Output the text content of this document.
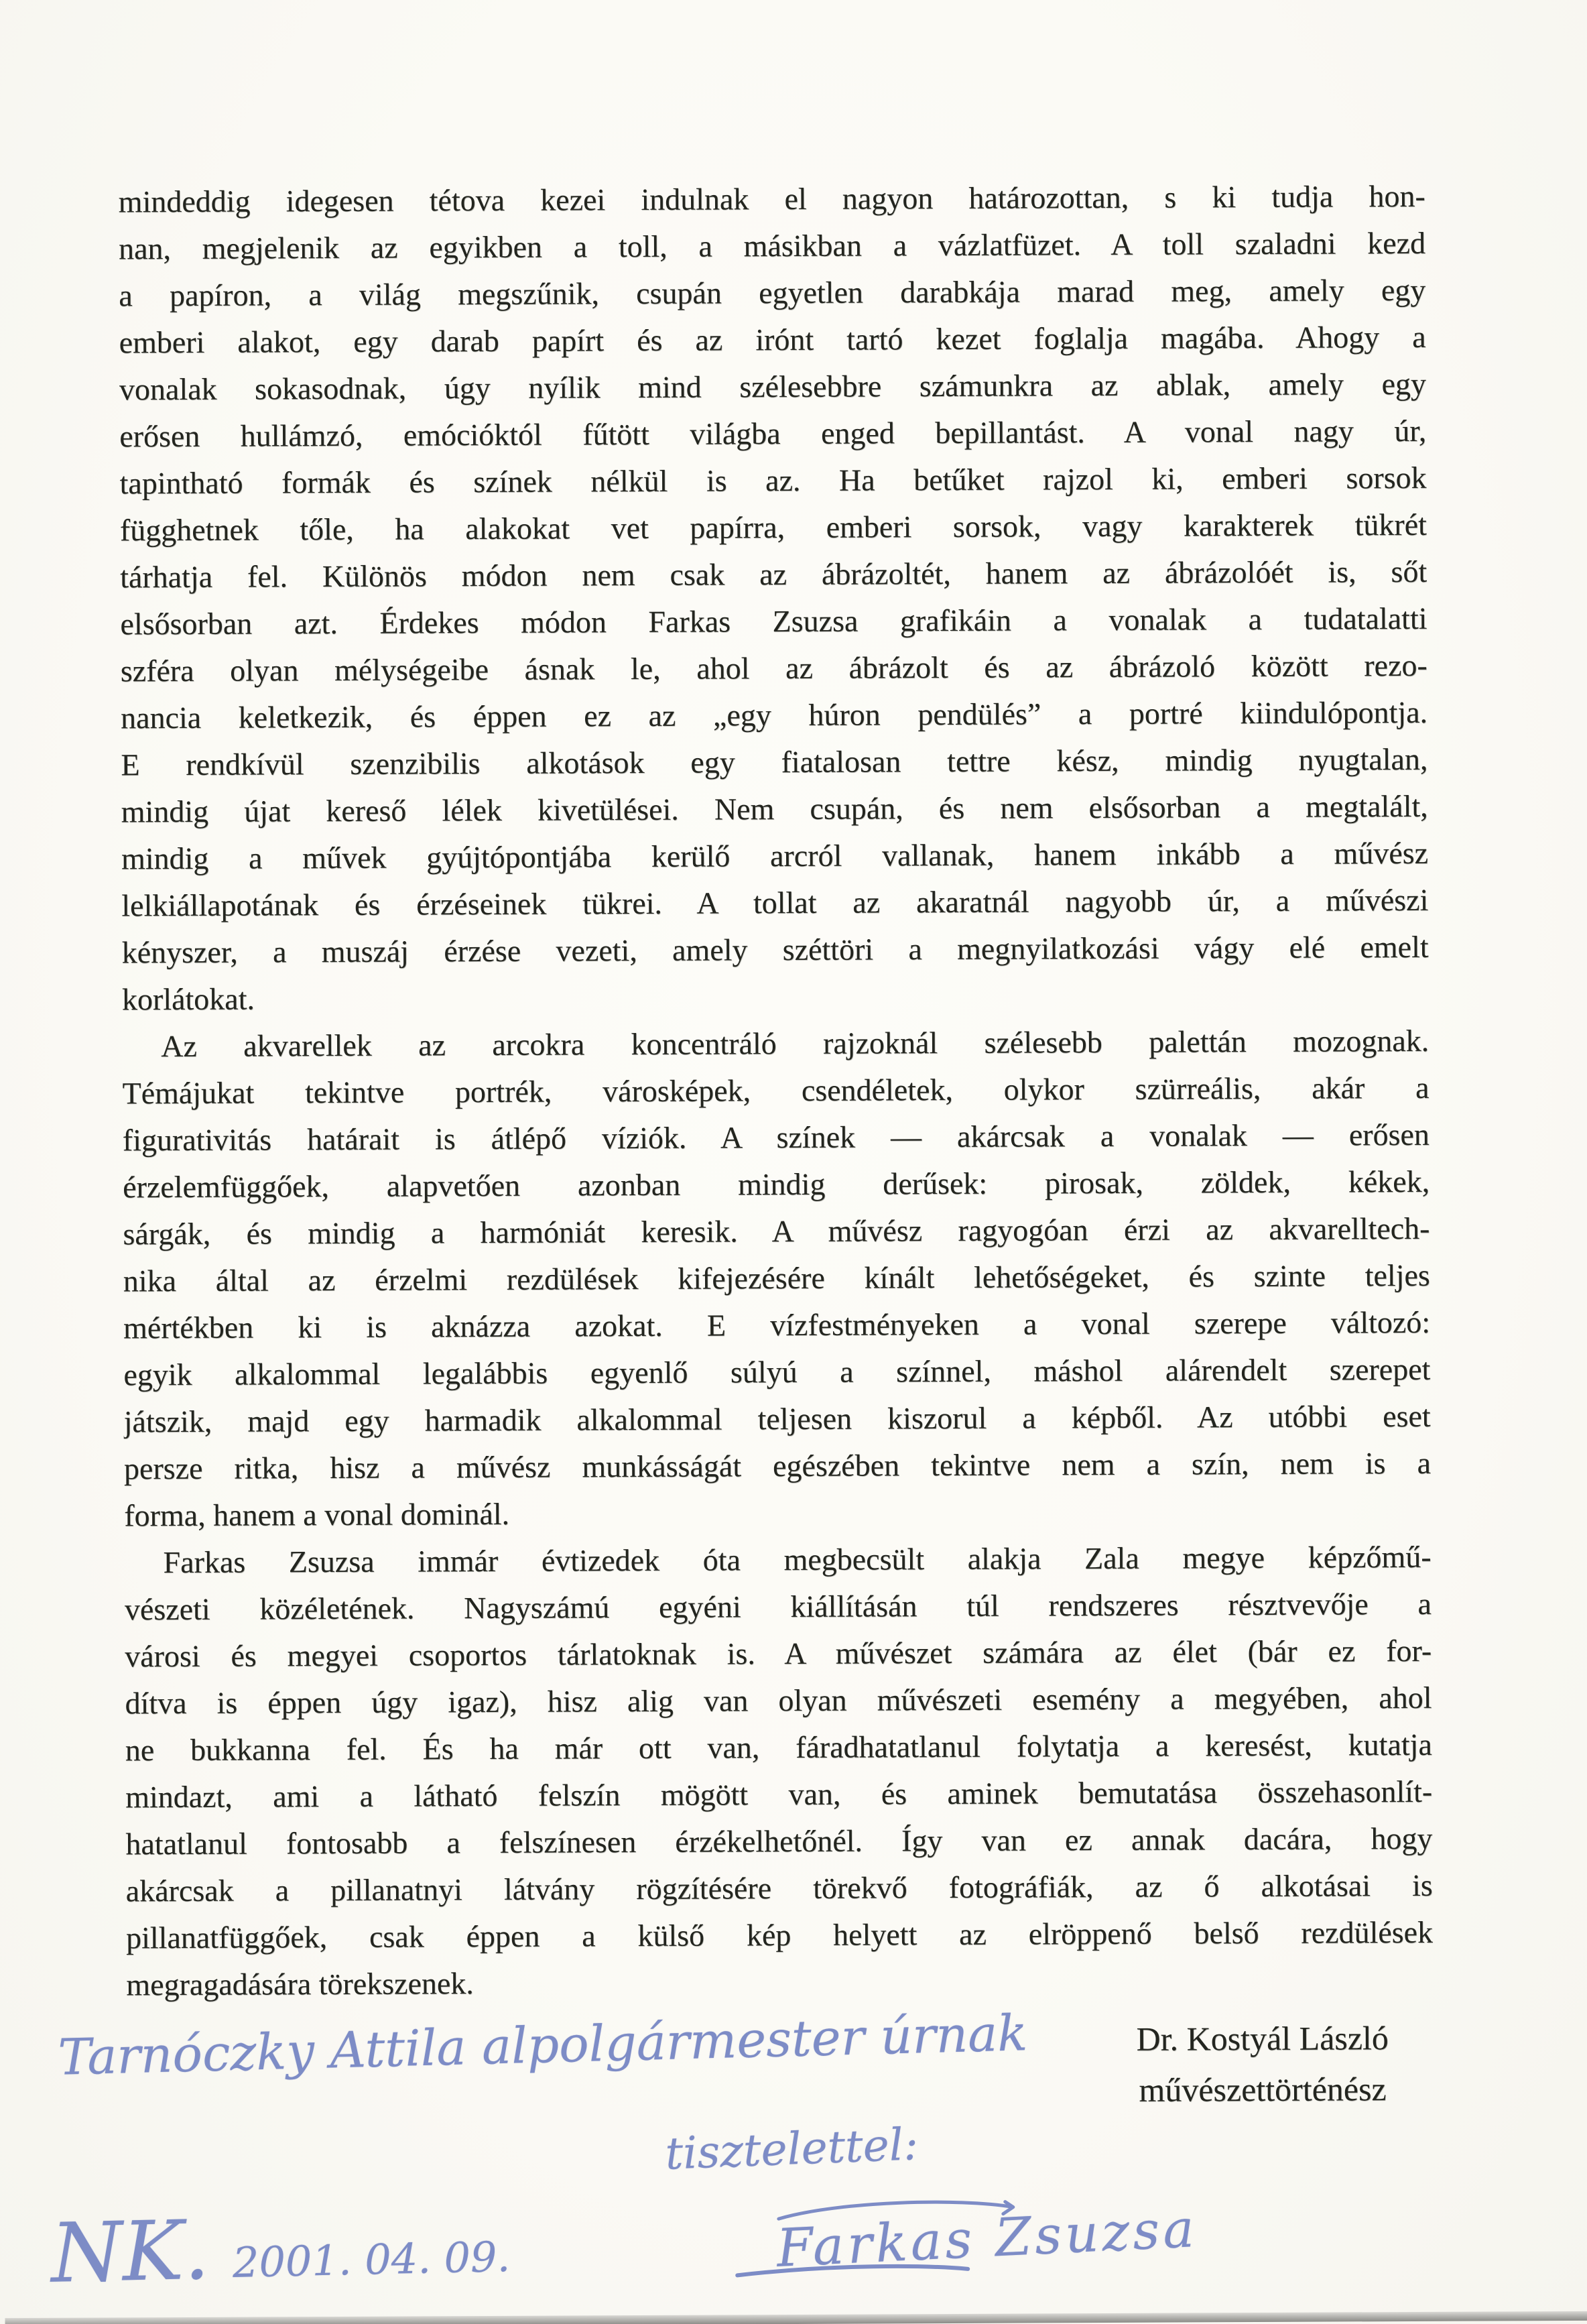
mindeddig idegesen tétova kezei indulnak el nagyon határozottan, s ki tudja hon-
nan, megjelenik az egyikben a toll, a másikban a vázlatfüzet. A toll szaladni kezd
a papíron, a világ megszűnik, csupán egyetlen darabkája marad meg, amely egy
emberi alakot, egy darab papírt és az irónt tartó kezet foglalja magába. Ahogy a
vonalak sokasodnak, úgy nyílik mind szélesebbre számunkra az ablak, amely egy
erősen hullámzó, emócióktól fűtött világba enged bepillantást. A vonal nagy úr,
tapintható formák és színek nélkül is az. Ha betűket rajzol ki, emberi sorsok
függhetnek tőle, ha alakokat vet papírra, emberi sorsok, vagy karakterek tükrét
tárhatja fel. Különös módon nem csak az ábrázoltét, hanem az ábrázolóét is, sőt
elsősorban azt. Érdekes módon Farkas Zsuzsa grafikáin a vonalak a tudatalatti
szféra olyan mélységeibe ásnak le, ahol az ábrázolt és az ábrázoló között rezo-
nancia keletkezik, és éppen ez az „egy húron pendülés” a portré kiindulópontja.
E rendkívül szenzibilis alkotások egy fiatalosan tettre kész, mindig nyugtalan,
mindig újat kereső lélek kivetülései. Nem csupán, és nem elsősorban a megtalált,
mindig a művek gyújtópontjába kerülő arcról vallanak, hanem inkább a művész
lelkiállapotának és érzéseinek tükrei. A tollat az akaratnál nagyobb úr, a művészi
kényszer, a muszáj érzése vezeti, amely széttöri a megnyilatkozási vágy elé emelt
korlátokat.
Az akvarellek az arcokra koncentráló rajzoknál szélesebb palettán mozognak.
Témájukat tekintve portrék, városképek, csendéletek, olykor szürreális, akár a
figurativitás határait is átlépő víziók. A színek — akárcsak a vonalak — erősen
érzelemfüggőek, alapvetően azonban mindig derűsek: pirosak, zöldek, kékek,
sárgák, és mindig a harmóniát keresik. A művész ragyogóan érzi az akvarelltech-
nika által az érzelmi rezdülések kifejezésére kínált lehetőségeket, és szinte teljes
mértékben ki is aknázza azokat. E vízfestményeken a vonal szerepe változó:
egyik alkalommal legalábbis egyenlő súlyú a színnel, máshol alárendelt szerepet
játszik, majd egy harmadik alkalommal teljesen kiszorul a képből. Az utóbbi eset
persze ritka, hisz a művész munkásságát egészében tekintve nem a szín, nem is a
forma, hanem a vonal dominál.
Farkas Zsuzsa immár évtizedek óta megbecsült alakja Zala megye képzőmű-
vészeti közéletének. Nagyszámú egyéni kiállításán túl rendszeres résztvevője a
városi és megyei csoportos tárlatoknak is. A művészet számára az élet (bár ez for-
dítva is éppen úgy igaz), hisz alig van olyan művészeti esemény a megyében, ahol
ne bukkanna fel. És ha már ott van, fáradhatatlanul folytatja a keresést, kutatja
mindazt, ami a látható felszín mögött van, és aminek bemutatása összehasonlít-
hatatlanul fontosabb a felszínesen érzékelhetőnél. Így van ez annak dacára, hogy
akárcsak a pillanatnyi látvány rögzítésére törekvő fotográfiák, az ő alkotásai is
pillanatfüggőek, csak éppen a külső kép helyett az elröppenő belső rezdülések
megragadására törekszenek.
Dr. Kostyál László
művészettörténész
Tarnóczky Attila alpolgármester úrnak
tisztelettel:
Farkas Zsuzsa
NK. 2001. 04. 09.
